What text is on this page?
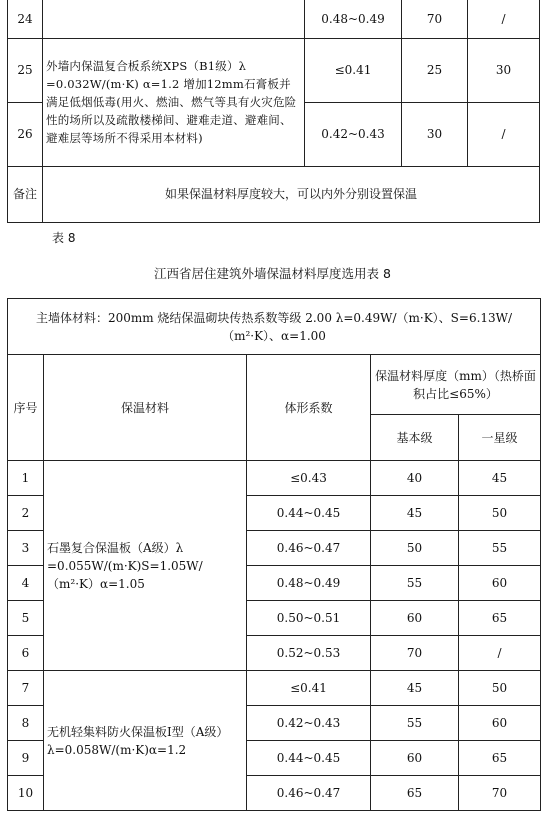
24		0.48~0.49	70	/
25	外墙内保温复合板系统XPS（B1级）λ =0.032W/(m·K) α=1.2 增加12mm石膏板并满足低烟低毒(用火、燃油、燃气等具有火灾危险性的场所以及疏散楼梯间、避难走道、避难间、避难层等场所不得采用本材料)	≤0.41	25	30
26		0.42~0.43	30	/
备注	如果保温材料厚度较大，可以内外分别设置保温			
表 8
江西省居住建筑外墙保温材料厚度选用表 8
主墙体材料：200mm 烧结保温砌块传热系数等级 2.00 λ=0.49W/（m·K）、S=6.13W/（m²·K）、α=1.00				
序号	保温材料	体形系数	保温材料厚度（mm）（热桥面积占比≤65%）	
			基本级	一星级
1	石墨复合保温板（A级）λ =0.055W/(m·K)S=1.05W/（m²·K）α=1.05	≤0.43	40	45
2		0.44~0.45	45	50
3		0.46~0.47	50	55
4		0.48~0.49	55	60
5		0.50~0.51	60	65
6		0.52~0.53	70	/
7	无机轻集料防火保温板Ⅰ型（A级）λ=0.058W/(m·K)α=1.2	≤0.41	45	50
8		0.42~0.43	55	60
9		0.44~0.45	60	65
10		0.46~0.47	65	70
